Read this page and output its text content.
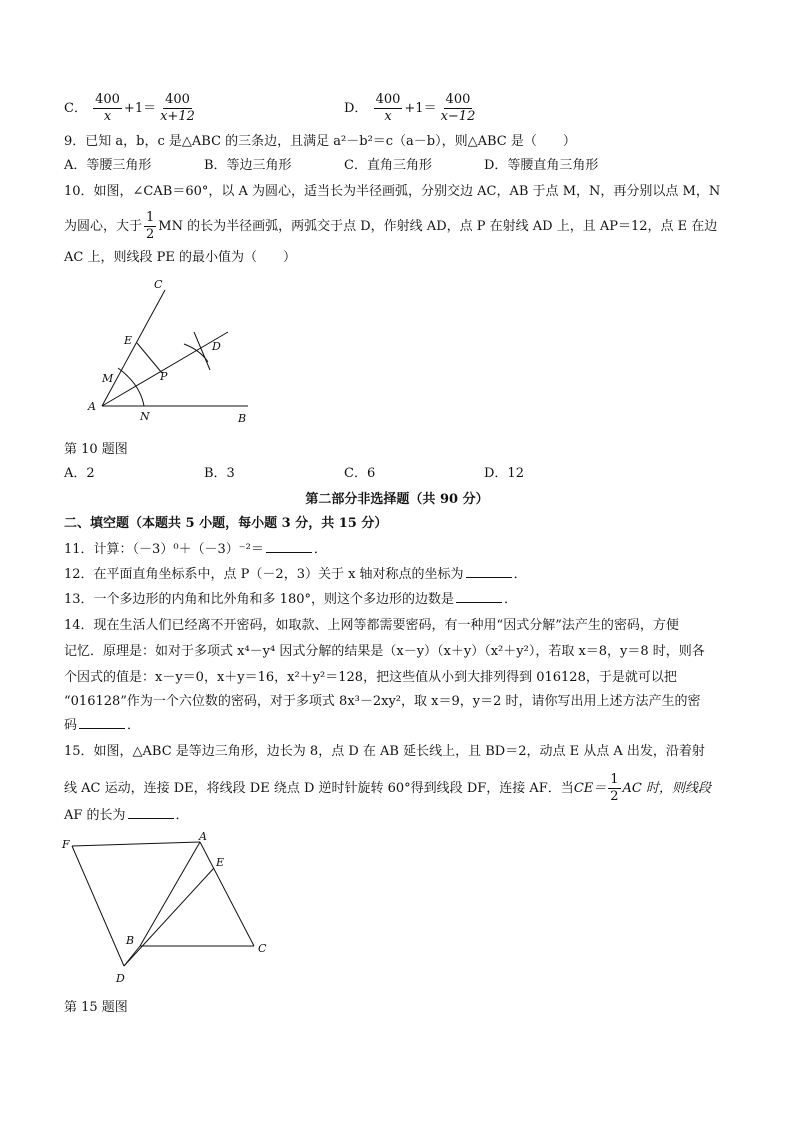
C． $\frac{400}{x} +1= \frac{400}{x+12}$	D． $\frac{400}{x} +1= \frac{400}{x-12}$
9．已知 a，b，c 是△ABC 的三条边，且满足 a²－b²＝c（a－b），则△ABC 是（　　）
A．等腰三角形	B．等边三角形	C．直角三角形	D．等腰直角三角形
10．如图，∠CAB＝60°，以 A 为圆心，适当长为半径画弧，分别交边 AC，AB 于点 M，N，再分别以点 M，N
为圆心，大于 $\frac{1}{2}$ MN 的长为半径画弧，两弧交于点 D，作射线 AD，点 P 在射线 AD 上，且 AP＝12，点 E 在边
AC 上，则线段 PE 的最小值为（　　）
C
E	D
M	P
A
N	B
第 10 题图
A．2	B．3	C．6	D．12
第二部分非选择题（共 90 分）
二、填空题（本题共 5 小题，每小题 3 分，共 15 分）
11．计算：（－3）⁰＋（－3）⁻²＝	．
12．在平面直角坐标系中，点 P（－2，3）关于 x 轴对称点的坐标为	．
13．一个多边形的内角和比外角和多 180°，则这个多边形的边数是	．
14．现在生活人们已经离不开密码，如取款、上网等都需要密码，有一种用“因式分解”法产生的密码，方便
记忆．原理是：如对于多项式 x⁴－y⁴ 因式分解的结果是（x－y）（x＋y）（x²＋y²），若取 x＝8，y＝8 时，则各
个因式的值是：x－y＝0，x＋y＝16，x²＋y²＝128，把这些值从小到大排列得到 016128，于是就可以把
“016128”作为一个六位数的密码，对于多项式 8x³－2xy²，取 x＝9，y＝2 时，请你写出用上述方法产生的密
码	．
15．如图，△ABC 是等边三角形，边长为 8，点 D 在 AB 延长线上，且 BD＝2，动点 E 从点 A 出发，沿着射
线 AC 运动，连接 DE，将线段 DE 绕点 D 逆时针旋转 60°得到线段 DF，连接 AF．当$CE= \frac{1}{2}$ AC 时，则线段
AF 的长为	．
F
A
E
B
C
D
第 15 题图
